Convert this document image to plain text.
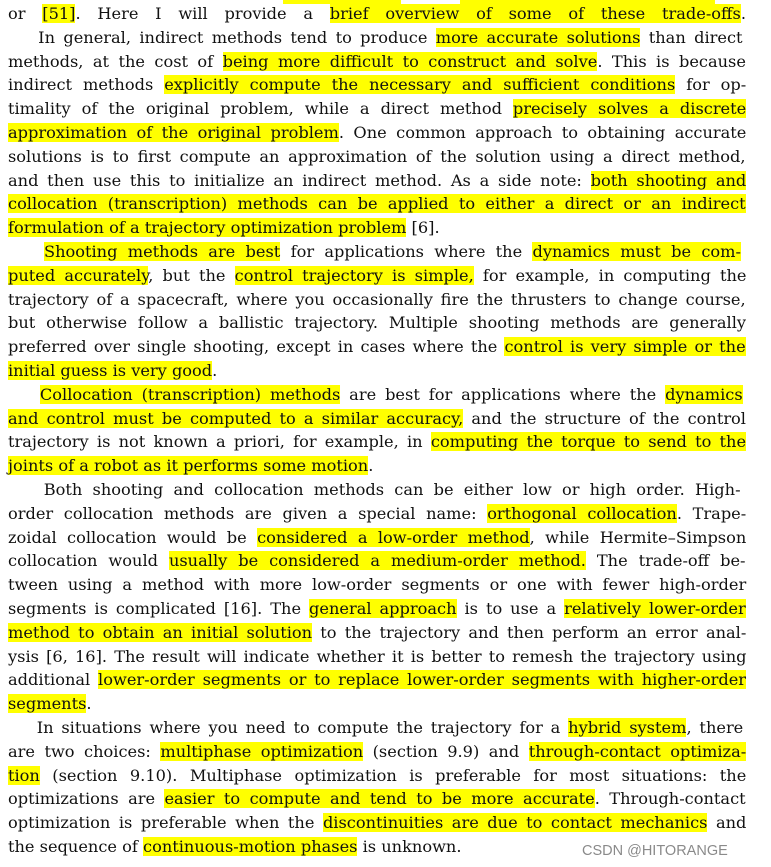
or [51]. Here I will provide a brief overview of some of these trade-offs.
In general, indirect methods tend to produce more accurate solutions than direct
methods, at the cost of being more difficult to construct and solve. This is because
indirect methods explicitly compute the necessary and sufficient conditions for op-
timality of the original problem, while a direct method precisely solves a discrete
approximation of the original problem. One common approach to obtaining accurate
solutions is to first compute an approximation of the solution using a direct method,
and then use this to initialize an indirect method. As a side note: both shooting and
collocation (transcription) methods can be applied to either a direct or an indirect
formulation of a trajectory optimization problem [6].
Shooting methods are best for applications where the dynamics must be com-
puted accurately, but the control trajectory is simple, for example, in computing the
trajectory of a spacecraft, where you occasionally fire the thrusters to change course,
but otherwise follow a ballistic trajectory. Multiple shooting methods are generally
preferred over single shooting, except in cases where the control is very simple or the
initial guess is very good.
Collocation (transcription) methods are best for applications where the dynamics
and control must be computed to a similar accuracy, and the structure of the control
trajectory is not known a priori, for example, in computing the torque to send to the
joints of a robot as it performs some motion.
Both shooting and collocation methods can be either low or high order. High-
order collocation methods are given a special name: orthogonal collocation. Trape-
zoidal collocation would be considered a low-order method, while Hermite–Simpson
collocation would usually be considered a medium-order method. The trade-off be-
tween using a method with more low-order segments or one with fewer high-order
segments is complicated [16]. The general approach is to use a relatively lower-order
method to obtain an initial solution to the trajectory and then perform an error anal-
ysis [6, 16]. The result will indicate whether it is better to remesh the trajectory using
additional lower-order segments or to replace lower-order segments with higher-order
segments.
In situations where you need to compute the trajectory for a hybrid system, there
are two choices: multiphase optimization (section 9.9) and through-contact optimiza-
tion (section 9.10). Multiphase optimization is preferable for most situations: the
optimizations are easier to compute and tend to be more accurate. Through-contact
optimization is preferable when the discontinuities are due to contact mechanics and
the sequence of continuous-motion phases is unknown.	CSDN @HITORANGE
